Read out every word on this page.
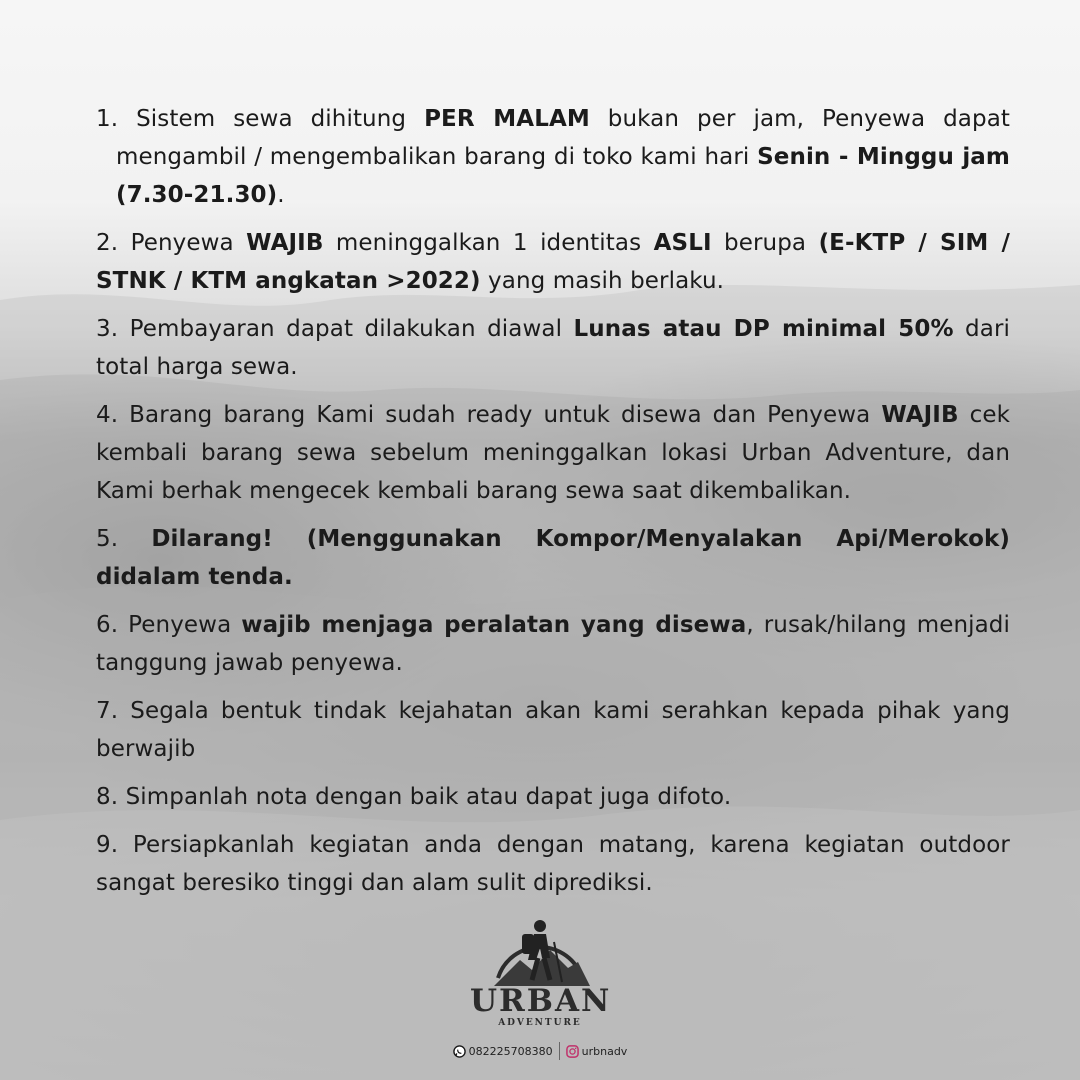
1. Sistem sewa dihitung PER MALAM bukan per jam, Penyewa dapat mengambil / mengembalikan barang di toko kami hari Senin - Minggu jam (7.30-21.30).

2. Penyewa WAJIB meninggalkan 1 identitas ASLI berupa (E-KTP / SIM / STNK / KTM angkatan >2022) yang masih berlaku.

3. Pembayaran dapat dilakukan diawal Lunas atau DP minimal 50% dari total harga sewa.

4. Barang barang Kami sudah ready untuk disewa dan Penyewa WAJIB cek kembali barang sewa sebelum meninggalkan lokasi Urban Adventure, dan Kami berhak mengecek kembali barang sewa saat dikembalikan.

5. Dilarang! (Menggunakan Kompor/Menyalakan Api/Merokok) didalam tenda.

6. Penyewa wajib menjaga peralatan yang disewa, rusak/hilang menjadi tanggung jawab penyewa.

7. Segala bentuk tindak kejahatan akan kami serahkan kepada pihak yang berwajib

8. Simpanlah nota dengan baik atau dapat juga difoto.

9. Persiapkanlah kegiatan anda dengan matang, karena kegiatan outdoor sangat beresiko tinggi dan alam sulit diprediksi.

URBAN
ADVENTURE
082225708380	urbnadv
